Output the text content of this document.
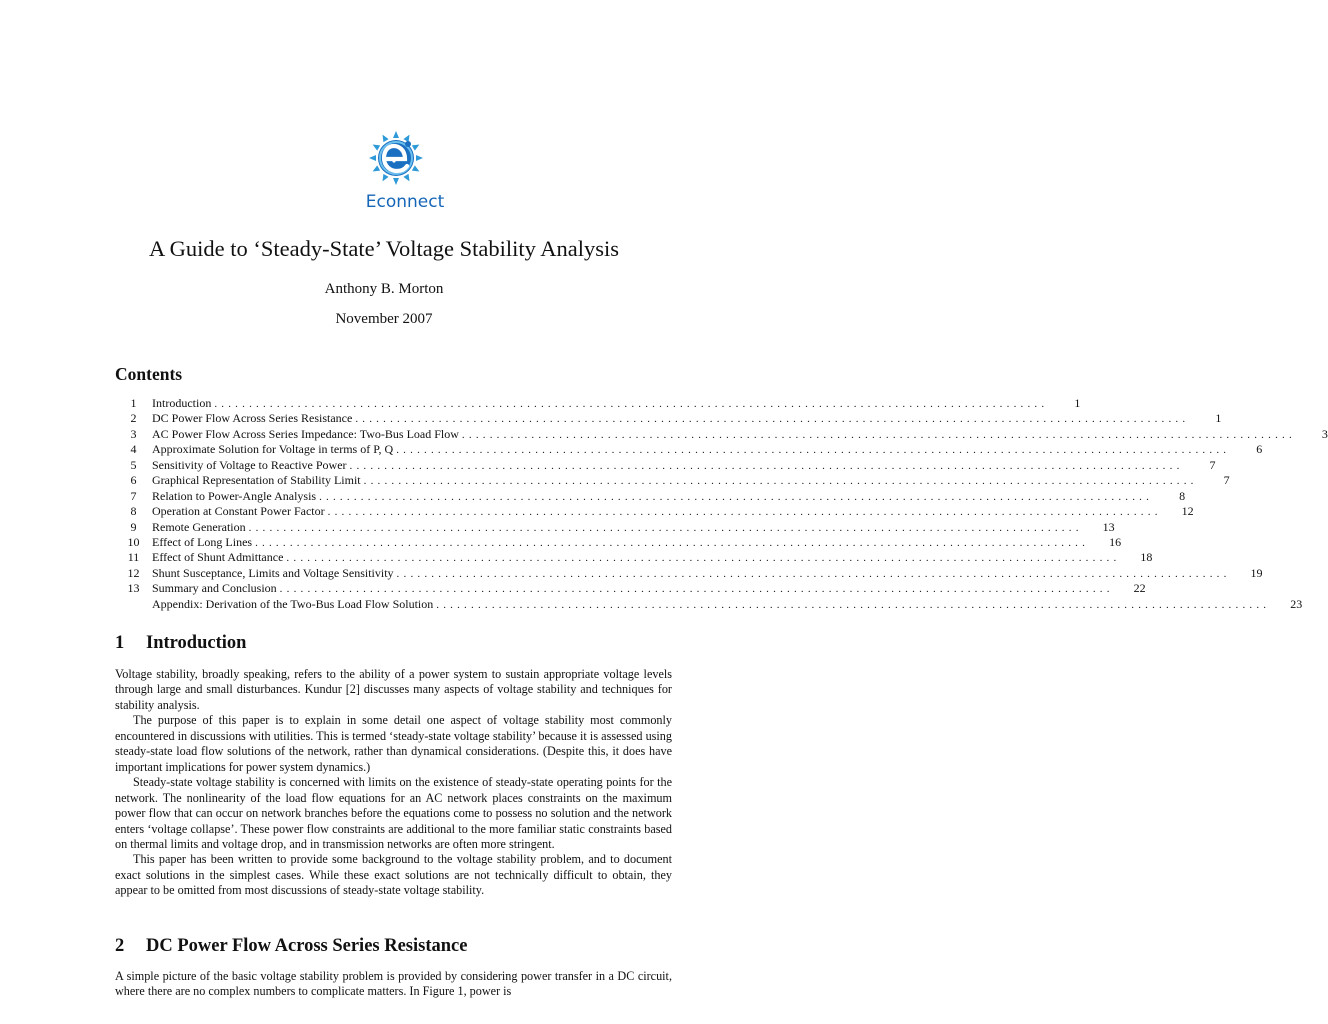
Econnect
A Guide to ‘Steady-State’ Voltage Stability Analysis
Anthony B. Morton
November 2007
Contents
1	Introduction ........................................................................................................................	1
2	DC Power Flow Across Series Resistance ........................................................................................................................	1
3	AC Power Flow Across Series Impedance: Two-Bus Load Flow ........................................................................................................................	3
4	Approximate Solution for Voltage in terms of P, Q ........................................................................................................................	6
5	Sensitivity of Voltage to Reactive Power ........................................................................................................................	7
6	Graphical Representation of Stability Limit ........................................................................................................................	7
7	Relation to Power-Angle Analysis ........................................................................................................................	8
8	Operation at Constant Power Factor ........................................................................................................................	12
9	Remote Generation ........................................................................................................................	13
10	Effect of Long Lines ........................................................................................................................	16
11	Effect of Shunt Admittance ........................................................................................................................	18
12	Shunt Susceptance, Limits and Voltage Sensitivity ........................................................................................................................	19
13	Summary and Conclusion ........................................................................................................................	22
Appendix: Derivation of the Two-Bus Load Flow Solution ........................................................................................................................	23
1 Introduction

Voltage stability, broadly speaking, refers to the ability of a power system to sustain appropriate voltage levels through large and small disturbances. Kundur [2] discusses many aspects of voltage stability and techniques for stability analysis.

The purpose of this paper is to explain in some detail one aspect of voltage stability most commonly encountered in discussions with utilities. This is termed ‘steady-state voltage stability’ because it is assessed using steady-state load flow solutions of the network, rather than dynamical considerations. (Despite this, it does have important implications for power system dynamics.)

Steady-state voltage stability is concerned with limits on the existence of steady-state operating points for the network. The nonlinearity of the load flow equations for an AC network places constraints on the maximum power flow that can occur on network branches before the equations come to possess no solution and the network enters ‘voltage collapse’. These power flow constraints are additional to the more familiar static constraints based on thermal limits and voltage drop, and in transmission networks are often more stringent.

This paper has been written to provide some background to the voltage stability problem, and to document exact solutions in the simplest cases. While these exact solutions are not technically difficult to obtain, they appear to be omitted from most discussions of steady-state voltage stability.

2 DC Power Flow Across Series Resistance

A simple picture of the basic voltage stability problem is provided by considering power transfer in a DC circuit, where there are no complex numbers to complicate matters. In Figure 1, power is
